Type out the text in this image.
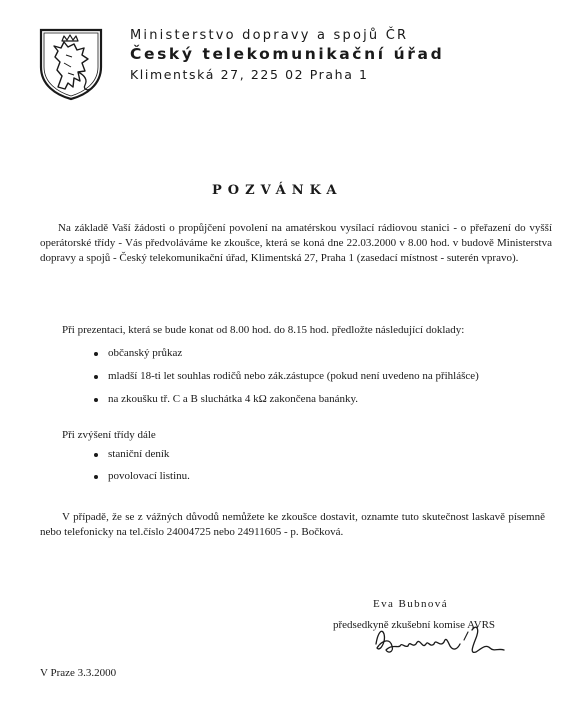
Ministerstvo dopravy a spojů ČR
Český telekomunikační úřad
Klimentská 27, 225 02 Praha 1
POZVÁNKA

Na základě Vaší žádosti o propůjčení povolení na amatérskou vysílací rádiovou stanici - o přeřazení do vyšší operátorské třídy - Vás předvoláváme ke zkoušce, která se koná dne 22.03.2000 v 8.00 hod. v budově Ministerstva dopravy a spojů - Český telekomunikační úřad, Klimentská 27, Praha 1 (zasedací místnost - suterén vpravo).

Při prezentaci, která se bude konat od 8.00 hod. do 8.15 hod. předložte následující doklady:
občanský průkaz
mladší 18-ti let souhlas rodičů nebo zák.zástupce (pokud není uvedeno na přihlášce)
na zkoušku tř. C a B sluchátka 4 kΩ zakončena banánky.
Při zvýšení třídy dále
staniční deník
povolovací listinu.

V případě, že se z vážných důvodů nemůžete ke zkoušce dostavit, oznamte tuto skutečnost laskavě písemně nebo telefonicky na tel.číslo 24004725 nebo 24911605 - p. Bočková.

Eva Bubnová
předsedkyně zkušební komise AVRS
V Praze 3.3.2000
